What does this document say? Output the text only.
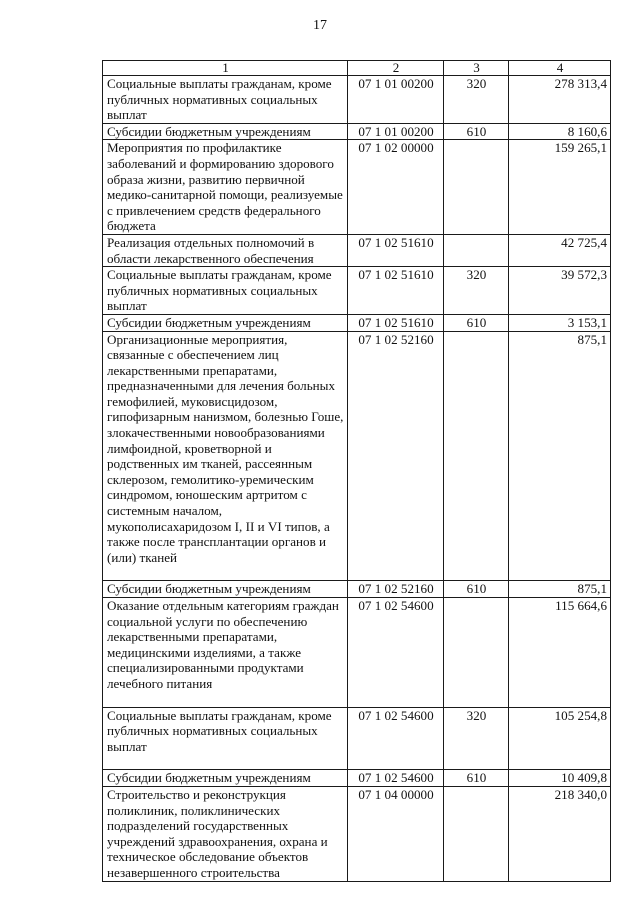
17
1	2	3	4
Социальные выплаты гражданам, кроме публичных нормативных социальных выплат	07 1 01 00200	320	278 313,4
Субсидии бюджетным учреждениям	07 1 01 00200	610	8 160,6
Мероприятия по профилактике заболеваний и формированию здорового образа жизни, развитию первичной медико-санитарной помощи, реализуемые с привлечением средств федерального бюджета	07 1 02 00000		159 265,1
Реализация отдельных полномочий в области лекарственного обеспечения	07 1 02 51610		42 725,4
Социальные выплаты гражданам, кроме публичных нормативных социальных выплат	07 1 02 51610	320	39 572,3
Субсидии бюджетным учреждениям	07 1 02 51610	610	3 153,1
Организационные мероприятия, связанные с обеспечением лиц лекарственными препаратами, предназначенными для лечения больных гемофилией, муковисцидозом, гипофизарным нанизмом, болезнью Гоше, злокачественными новообразованиями лимфоидной, кроветворной и родственных им тканей, рассеянным склерозом, гемолитико-уремическим синдромом, юношеским артритом с системным началом, мукополисахаридозом I, II и VI типов, а также после трансплантации органов и (или) тканей	07 1 02 52160		875,1
Субсидии бюджетным учреждениям	07 1 02 52160	610	875,1
Оказание отдельным категориям граждан социальной услуги по обеспечению лекарственными препаратами, медицинскими изделиями, а также специализированными продуктами лечебного питания	07 1 02 54600		115 664,6
Социальные выплаты гражданам, кроме публичных нормативных социальных выплат	07 1 02 54600	320	105 254,8
Субсидии бюджетным учреждениям	07 1 02 54600	610	10 409,8
Строительство и реконструкция поликлиник, поликлинических подразделений государственных учреждений здравоохранения, охрана и техническое обследование объектов незавершенного строительства	07 1 04 00000		218 340,0
